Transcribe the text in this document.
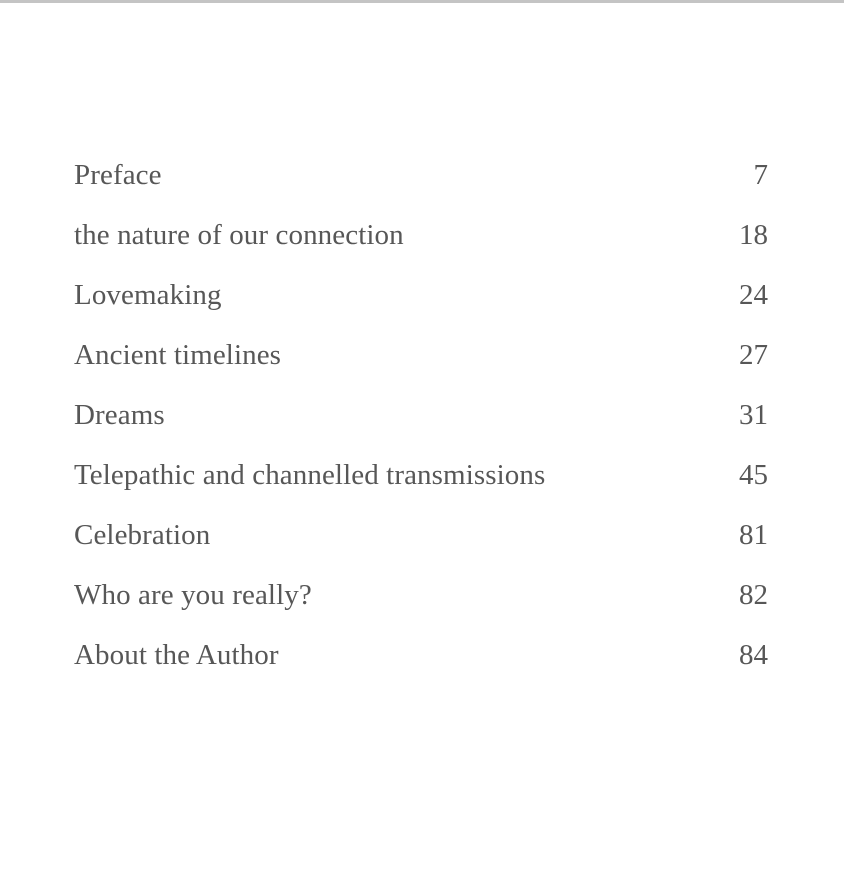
Preface	7
the nature of our connection	18
Lovemaking	24
Ancient timelines	27
Dreams	31
Telepathic and channelled transmissions	45
Celebration	81
Who are you really?	82
About the Author	84
